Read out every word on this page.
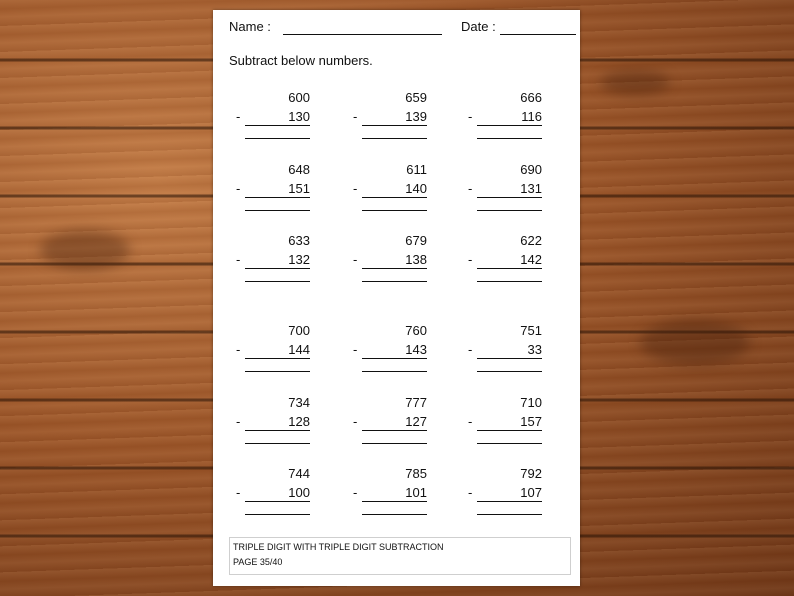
Name :	Date :
Subtract below numbers.
600
-	130
659
-	139
666
-	116
648
-	151
611
-	140
690
-	131
633
-	132
679
-	138
622
-	142
700
-	144
760
-	143
751
-	33
734
-	128
777
-	127
710
-	157
744
-	100
785
-	101
792
-	107
TRIPLE DIGIT WITH TRIPLE DIGIT SUBTRACTION
PAGE 35/40
